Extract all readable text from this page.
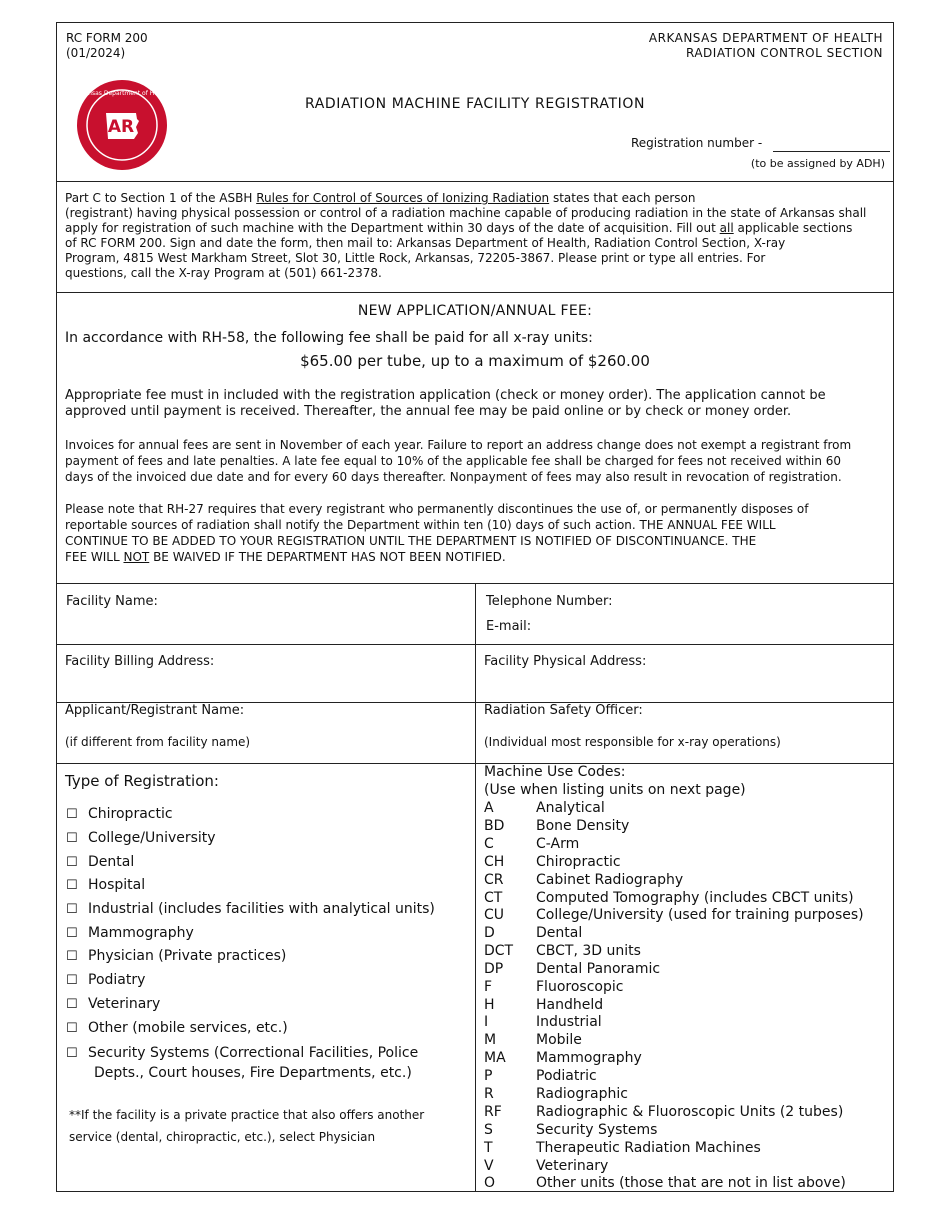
RC FORM 200
(01/2024)
ARKANSAS DEPARTMENT OF HEALTH
RADIATION CONTROL SECTION
AR
Arkansas Department of Health
RADIATION MACHINE FACILITY REGISTRATION
Registration number -
(to be assigned by ADH)

Part C to Section 1 of the ASBH Rules for Control of Sources of Ionizing Radiation states that each person

(registrant) having physical possession or control of a radiation machine capable of producing radiation in the state of Arkansas shall

apply for registration of such machine with the Department within 30 days of the date of acquisition. Fill out all applicable sections

of RC FORM 200. Sign and date the form, then mail to: Arkansas Department of Health, Radiation Control Section, X-ray

Program, 4815 West Markham Street, Slot 30, Little Rock, Arkansas, 72205-3867. Please print or type all entries. For

questions, call the X-ray Program at (501) 661-2378.

NEW APPLICATION/ANNUAL FEE:
In accordance with RH-58, the following fee shall be paid for all x-ray units:
$65.00 per tube, up to a maximum of $260.00

Appropriate fee must in included with the registration application (check or money order). The application cannot be

approved until payment is received. Thereafter, the annual fee may be paid online or by check or money order.

Invoices for annual fees are sent in November of each year. Failure to report an address change does not exempt a registrant from

payment of fees and late penalties. A late fee equal to 10% of the applicable fee shall be charged for fees not received within 60

days of the invoiced due date and for every 60 days thereafter. Nonpayment of fees may also result in revocation of registration.

Please note that RH-27 requires that every registrant who permanently discontinues the use of, or permanently disposes of

reportable sources of radiation shall notify the Department within ten (10) days of such action. THE ANNUAL FEE WILL

CONTINUE TO BE ADDED TO YOUR REGISTRATION UNTIL THE DEPARTMENT IS NOTIFIED OF DISCONTINUANCE. THE

FEE WILL NOT BE WAIVED IF THE DEPARTMENT HAS NOT BEEN NOTIFIED.

Facility Name:	Telephone Number:
E-mail:
Facility Billing Address:	Facility Physical Address:
Applicant/Registrant Name:
(if different from facility name)
Radiation Safety Officer:
(Individual most responsible for x-ray operations)
Type of Registration:
☐ Chiropractic
☐ College/University
☐ Dental
☐ Hospital
☐ Industrial (includes facilities with analytical units)
☐ Mammography
☐ Physician (Private practices)
☐ Podiatry
☐ Veterinary
☐ Other (mobile services, etc.)
☐ Security Systems (Correctional Facilities, Police
Depts., Court houses, Fire Departments, etc.)

**If the facility is a private practice that also offers another

service (dental, chiropractic, etc.), select Physician

Machine Use Codes:
(Use when listing units on next page)
A	Analytical
BD Bone Density
C	C-Arm
CH Chiropractic
CR Cabinet Radiography
CT Computed Tomography (includes CBCT units)
CU College/University (used for training purposes)
D	Dental
DCT CBCT, 3D units
DP Dental Panoramic
F	Fluoroscopic
H	Handheld
I	Industrial
M	Mobile
MA Mammography
P	Podiatric
R	Radiographic
RF Radiographic & Fluoroscopic Units (2 tubes)
S	Security Systems
T	Therapeutic Radiation Machines
V	Veterinary
O	Other units (those that are not in list above)
